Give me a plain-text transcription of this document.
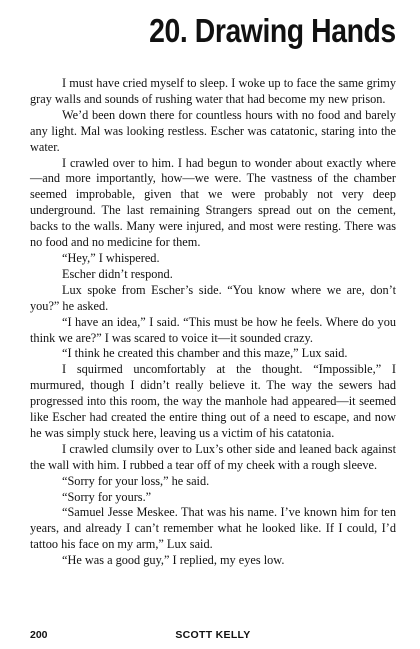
20. Drawing Hands

I must have cried myself to sleep. I woke up to face the same grimy gray walls and sounds of rushing water that had become my new prison.

We’d been down there for countless hours with no food and barely any light. Mal was looking restless. Escher was catatonic, staring into the water.

I crawled over to him. I had begun to wonder about exactly where—and more importantly, how—we were. The vastness of the chamber seemed improbable, given that we were probably not very deep underground. The last remaining Strangers spread out on the cement, backs to the walls. Many were injured, and most were resting. There was no food and no medicine for them.

“Hey,” I whispered.

Escher didn’t respond.

Lux spoke from Escher’s side. “You know where we are, don’t you?” he asked.

“I have an idea,” I said. “This must be how he feels. Where do you think we are?” I was scared to voice it—it sounded crazy.

“I think he created this chamber and this maze,” Lux said.

I squirmed uncomfortably at the thought. “Impossible,” I murmured, though I didn’t really believe it. The way the sewers had progressed into this room, the way the manhole had appeared—it seemed like Escher had created the entire thing out of a need to escape, and now he was simply stuck here, leaving us a victim of his catatonia.

I crawled clumsily over to Lux’s other side and leaned back against the wall with him. I rubbed a tear off of my cheek with a rough sleeve.

“Sorry for your loss,” he said.

“Sorry for yours.”

“Samuel Jesse Meskee. That was his name. I’ve known him for ten years, and already I can’t remember what he looked like. If I could, I’d tattoo his face on my arm,” Lux said.

“He was a good guy,” I replied, my eyes low.

200	SCOTT KELLY
